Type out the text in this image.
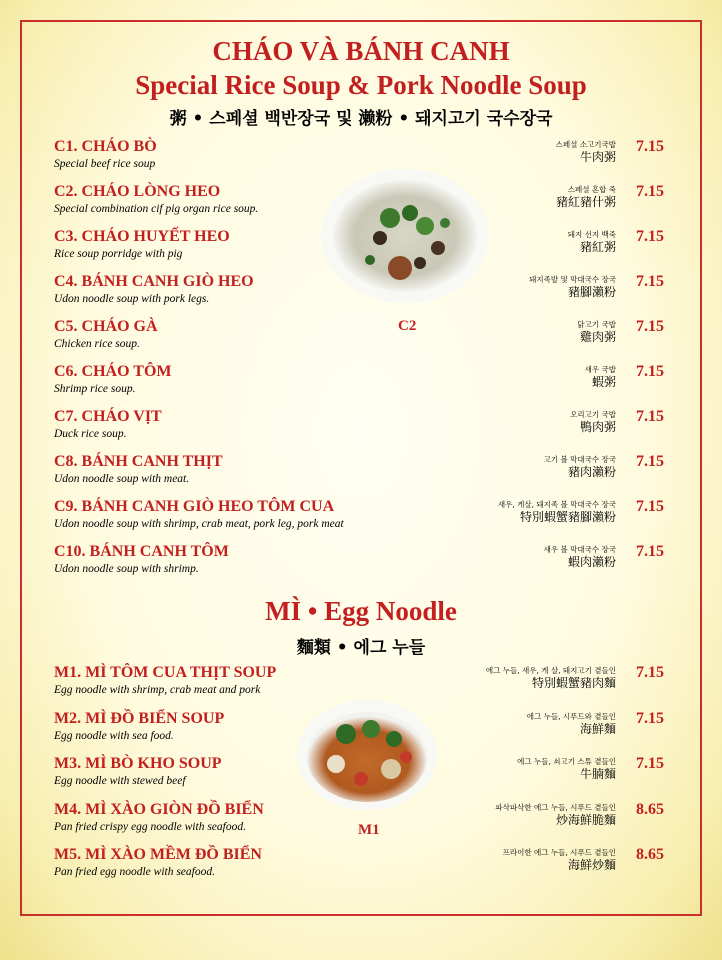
CHÁO VÀ BÁNH CANH
Special Rice Soup & Pork Noodle Soup
粥 • 스페셜 백반장국 및 濑粉 • 돼지고기 국수장국
C1. CHÁO BÒ
Special beef rice soup
스페셜 소고기국밥
牛肉粥
7.15
C2. CHÁO LÒNG HEO
Special combination cif pig organ rice soup.
스페셜 혼합 죽
豬紅豬什粥
7.15
C3. CHÁO HUYẾT HEO
Rice soup porridge with pig
돼지 선지 백죽
豬紅粥
7.15
C4. BÁNH CANH GIÒ HEO
Udon noodle soup with pork legs.
돼지족발 및 막대국수 장국
豬腳瀨粉
7.15
C5. CHÁO GÀ
Chicken rice soup.
닭고기 국밥
雞肉粥
7.15
C6. CHÁO TÔM
Shrimp rice soup.
새우 국밥
蝦粥
7.15
C7. CHÁO VỊT
Duck rice soup.
오리고기 국밥
鴨肉粥
7.15
C8. BÁNH CANH THỊT
Udon noodle soup with meat.
고기 볼 막대국수 장국
豬肉瀨粉
7.15
C9. BÁNH CANH GIÒ HEO TÔM CUA
Udon noodle soup with shrimp, crab meat, pork leg, pork meat
새우, 게살, 돼지족 볼 막대국수 장국
特別蝦蟹豬腳瀨粉
7.15
C10. BÁNH CANH TÔM
Udon noodle soup with shrimp.
새우 볼 막대국수 장국
蝦肉瀨粉
7.15
C2
MÌ • Egg Noodle
麵類 • 에그 누들
M1. MÌ TÔM CUA THỊT SOUP
Egg noodle with shrimp, crab meat and pork
에그 누들, 새우, 게 살, 돼지고기 곁들인
特別蝦蟹豬肉麵
7.15
M2. MÌ ĐỒ BIỂN SOUP
Egg noodle with sea food.
에그 누들, 시푸드와 곁들인
海鮮麵
7.15
M3. MÌ BÒ KHO SOUP
Egg noodle with stewed beef
에그 누들, 쇠고기 스튜 곁들인
牛腩麵
7.15
M4. MÌ XÀO GIÒN ĐỒ BIỂN
Pan fried crispy egg noodle with seafood.
파삭파삭한 에그 누들, 시푸드 곁들인
炒海鮮脆麵
8.65
M5. MÌ XÀO MỀM ĐỒ BIỂN
Pan fried egg noodle with seafood.
프라이한 에그 누들, 시푸드 곁들인
海鮮炒麵
8.65
M1
